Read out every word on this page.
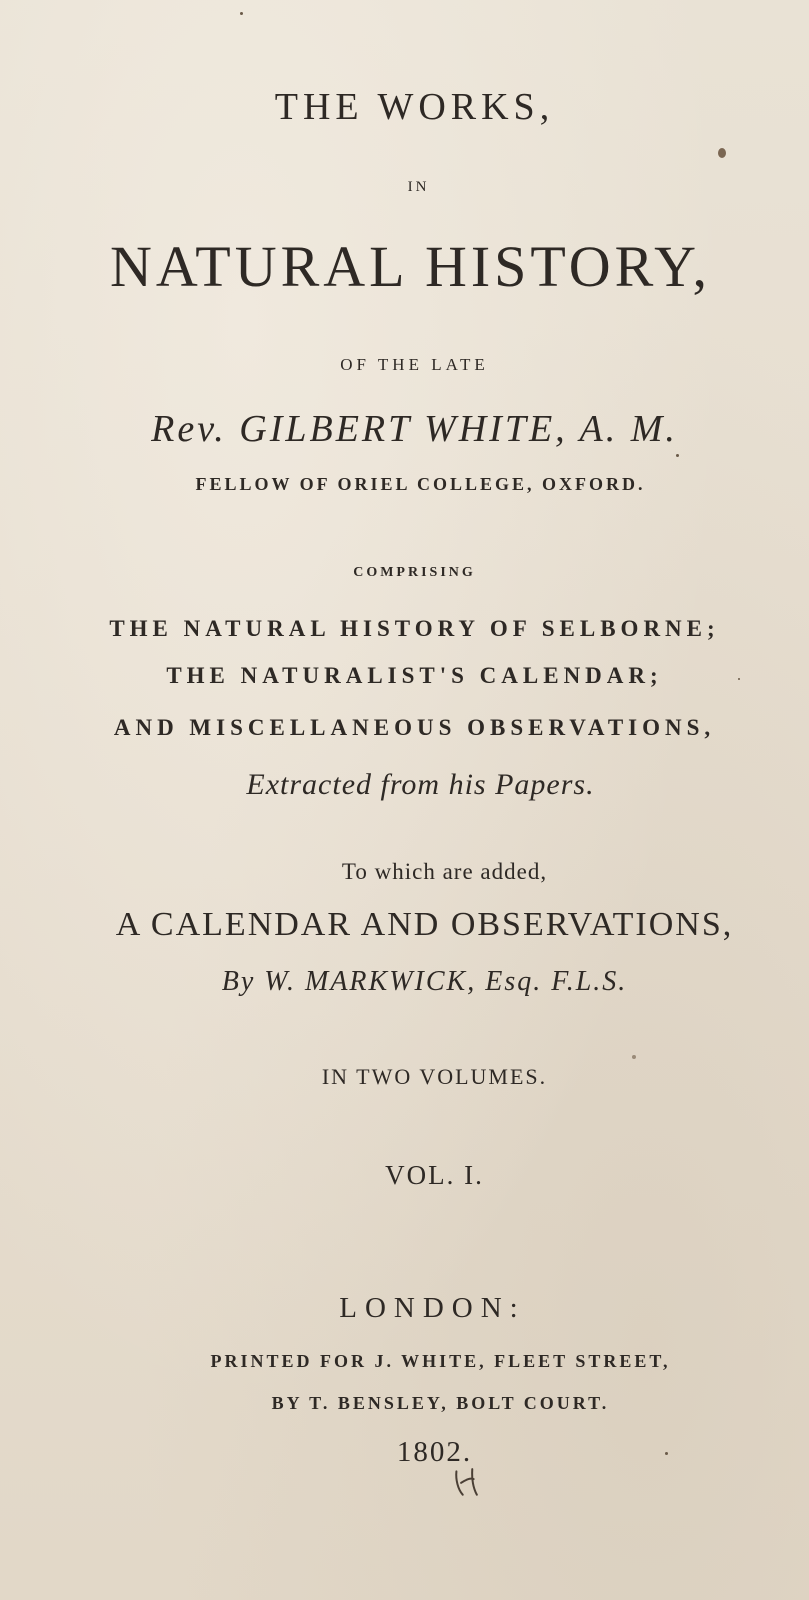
THE WORKS,
IN
NATURAL HISTORY,
OF THE LATE
Rev. GILBERT WHITE, A. M.
FELLOW OF ORIEL COLLEGE, OXFORD.
COMPRISING
THE NATURAL HISTORY OF SELBORNE;
THE NATURALIST'S CALENDAR;
AND MISCELLANEOUS OBSERVATIONS,
Extracted from his Papers.
To which are added,
A CALENDAR AND OBSERVATIONS,
By W. MARKWICK, Esq. F.L.S.
IN TWO VOLUMES.
VOL. I.
LONDON:
PRINTED FOR J. WHITE, FLEET STREET,
BY T. BENSLEY, BOLT COURT.
1802.
